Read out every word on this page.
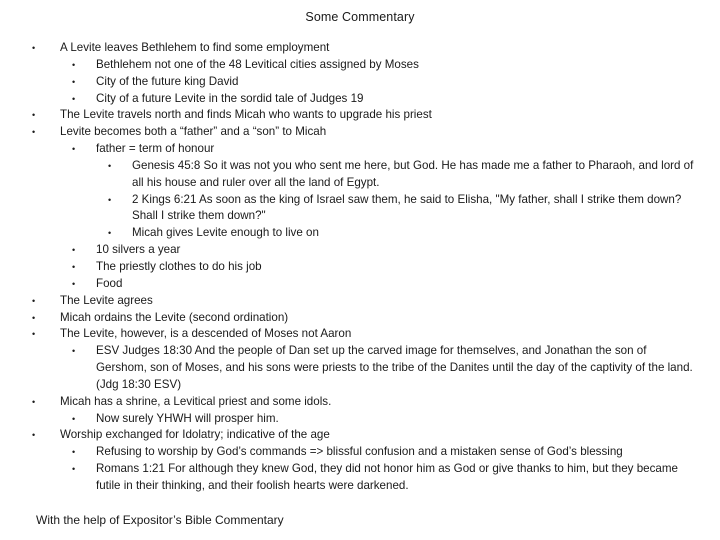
Some Commentary
• A Levite leaves Bethlehem to find some employment
• Bethlehem not one of the 48 Levitical cities assigned by Moses
• City of the future king David
• City of a future Levite in the sordid tale of Judges 19
• The Levite travels north and finds Micah who wants to upgrade his priest
• Levite becomes both a “father” and a “son” to Micah
• father = term of honour
• Genesis 45:8 So it was not you who sent me here, but God. He has made me a father to Pharaoh, and lord of all his house and ruler over all the land of Egypt.
• 2 Kings 6:21 As soon as the king of Israel saw them, he said to Elisha, "My father, shall I strike them down? Shall I strike them down?"
• Micah gives Levite enough to live on
• 10 silvers a year
• The priestly clothes to do his job
• Food
• The Levite agrees
• Micah ordains the Levite (second ordination)
• The Levite, however, is a descended of Moses not Aaron
• ESV Judges 18:30 And the people of Dan set up the carved image for themselves, and Jonathan the son of Gershom, son of Moses, and his sons were priests to the tribe of the Danites until the day of the captivity of the land. (Jdg 18:30 ESV)
• Micah has a shrine, a Levitical priest and some idols.
• Now surely YHWH will prosper him.
• Worship exchanged for Idolatry; indicative of the age
• Refusing to worship by God’s commands => blissful confusion and a mistaken sense of God’s blessing
• Romans 1:21 For although they knew God, they did not honor him as God or give thanks to him, but they became futile in their thinking, and their foolish hearts were darkened.
With the help of Expositor’s Bible Commentary
